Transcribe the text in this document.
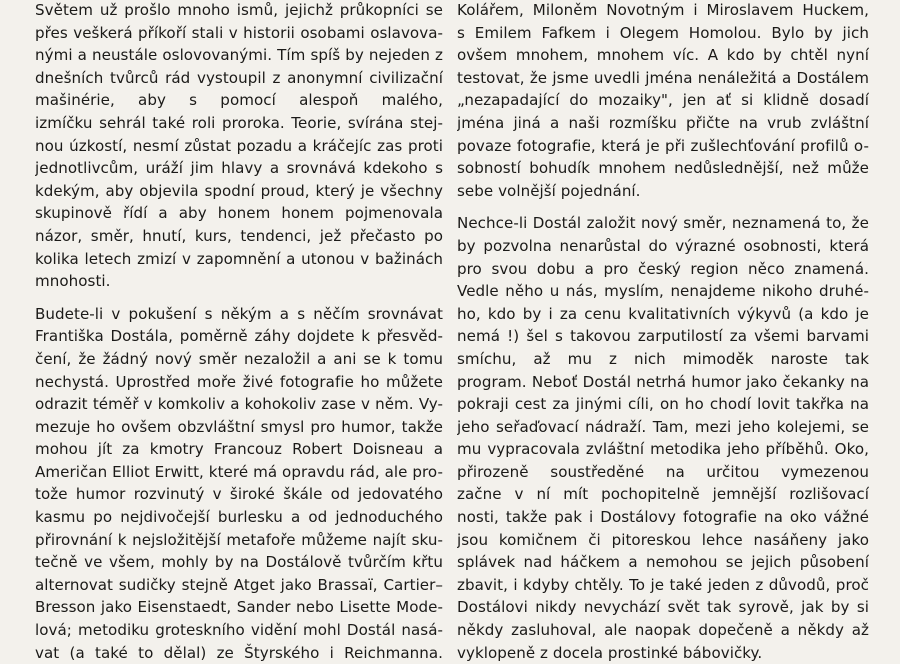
Světem už prošlo mnoho ismů, jejichž průkopníci se
přes veškerá příkoří stali v historii osobami oslavova-
nými a neustále oslovovanými. Tím spíš by nejeden z
dnešních tvůrců rád vystoupil z anonymní civilizační
mašinérie, aby s pomocí alespoň malého,
izmíčku sehrál také roli proroka. Teorie, svírána stej-
nou úzkostí, nesmí zůstat pozadu a kráčejíc zas proti
jednotlivcům, uráží jim hlavy a srovnává kdekoho s
kdekým, aby objevila spodní proud, který je všechny
skupinově řídí a aby honem honem pojmenovala
názor, směr, hnutí, kurs, tendenci, jež přečasto po
kolika letech zmizí v zapomnění a utonou v bažinách
mnohosti.
Budete-li v pokušení s někým a s něčím srovnávat
Františka Dostála, poměrně záhy dojdete k přesvěd-
čení, že žádný nový směr nezaložil a ani se k tomu
nechystá. Uprostřed moře živé fotografie ho můžete
odrazit téměř v komkoliv a kohokoliv zase v něm. Vy-
mezuje ho ovšem obzvláštní smysl pro humor, takže
mohou jít za kmotry Francouz Robert Doisneau a
Američan Elliot Erwitt, které má opravdu rád, ale pro-
tože humor rozvinutý v široké škále od jedovatého
kasmu po nejdivočejší burlesku a od jednoduchého
přirovnání k nejsložitější metafoře můžeme najít sku-
tečně ve všem, mohly by na Dostálově tvůrčím křtu
alternovat sudičky stejně Atget jako Brassaï, Cartier–
Bresson jako Eisenstaedt, Sander nebo Lisette Mode-
lová; metodiku groteskního vidění mohl Dostál nasá-
vat (a také to dělal) ze Štyrského i Reichmanna.
Kolářem, Miloněm Novotným i Miroslavem Huckem,
s Emilem Fafkem i Olegem Homolou. Bylo by jich
ovšem mnohem, mnohem víc. A kdo by chtěl nyní
testovat, že jsme uvedli jména nenáležitá a Dostálem
„nezapadající do mozaiky", jen ať si klidně dosadí
jména jiná a naši rozmíšku přičte na vrub zvláštní
povaze fotografie, která je při zušlechťování profilů o-
sobností bohudík mnohem nedůslednější, než může
sebe volnější pojednání.
Nechce-li Dostál založit nový směr, neznamená to, že
by pozvolna nenarůstal do výrazné osobnosti, která
pro svou dobu a pro český region něco znamená.
Vedle něho u nás, myslím, nenajdeme nikoho druhé-
ho, kdo by i za cenu kvalitativních výkyvů (a kdo je
nemá !) šel s takovou zarputilostí za všemi barvami
smíchu, až mu z nich mimoděk naroste tak
program. Neboť Dostál netrhá humor jako čekanky na
pokraji cest za jinými cíli, on ho chodí lovit takřka na
jeho seřaďovací nádraží. Tam, mezi jeho kolejemi, se
mu vypracovala zvláštní metodika jeho příběhů. Oko,
přirozeně soustředěné na určitou vymezenou
začne v ní mít pochopitelně jemnější rozlišovací
nosti, takže pak i Dostálovy fotografie na oko vážné
jsou komičnem či pitoreskou lehce nasáňeny jako
splávek nad háčkem a nemohou se jejich působení
zbavit, i kdyby chtěly. To je také jeden z důvodů, proč
Dostálovi nikdy nevychází svět tak syrově, jak by si
někdy zasluhoval, ale naopak dopečeně a někdy až
vyklopeně z docela prostinké bábovičky.
